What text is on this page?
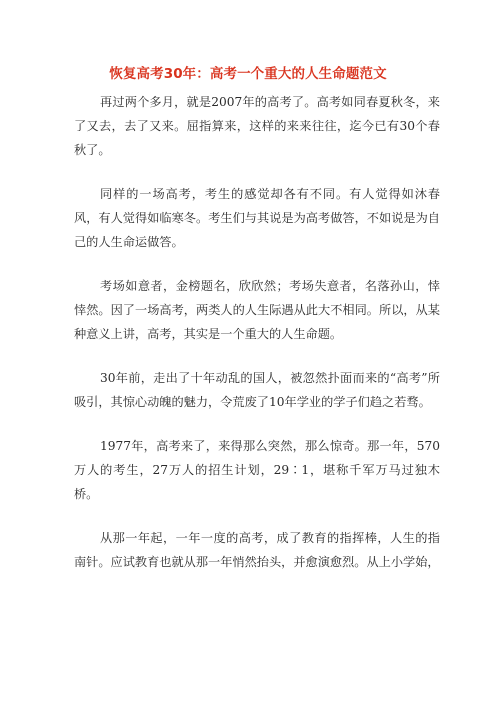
恢复高考30年：高考一个重大的人生命题范文

再过两个多月，就是2007年的高考了。高考如同春夏秋冬，来了又去，去了又来。屈指算来，这样的来来往往，迄今已有30个春秋了。

同样的一场高考，考生的感觉却各有不同。有人觉得如沐春风，有人觉得如临寒冬。考生们与其说是为高考做答，不如说是为自己的人生命运做答。

考场如意者，金榜题名，欣欣然；考场失意者，名落孙山，悻悻然。因了一场高考，两类人的人生际遇从此大不相同。所以，从某种意义上讲，高考，其实是一个重大的人生命题。

30年前，走出了十年动乱的国人，被忽然扑面而来的“高考”所吸引，其惊心动魄的魅力，令荒废了10年学业的学子们趋之若骛。

1977年，高考来了，来得那么突然，那么惊奇。那一年，570万人的考生，27万人的招生计划，29∶1，堪称千军万马过独木桥。

从那一年起，一年一度的高考，成了教育的指挥棒，人生的指南针。应试教育也就从那一年悄然抬头，并愈演愈烈。从上小学始，
